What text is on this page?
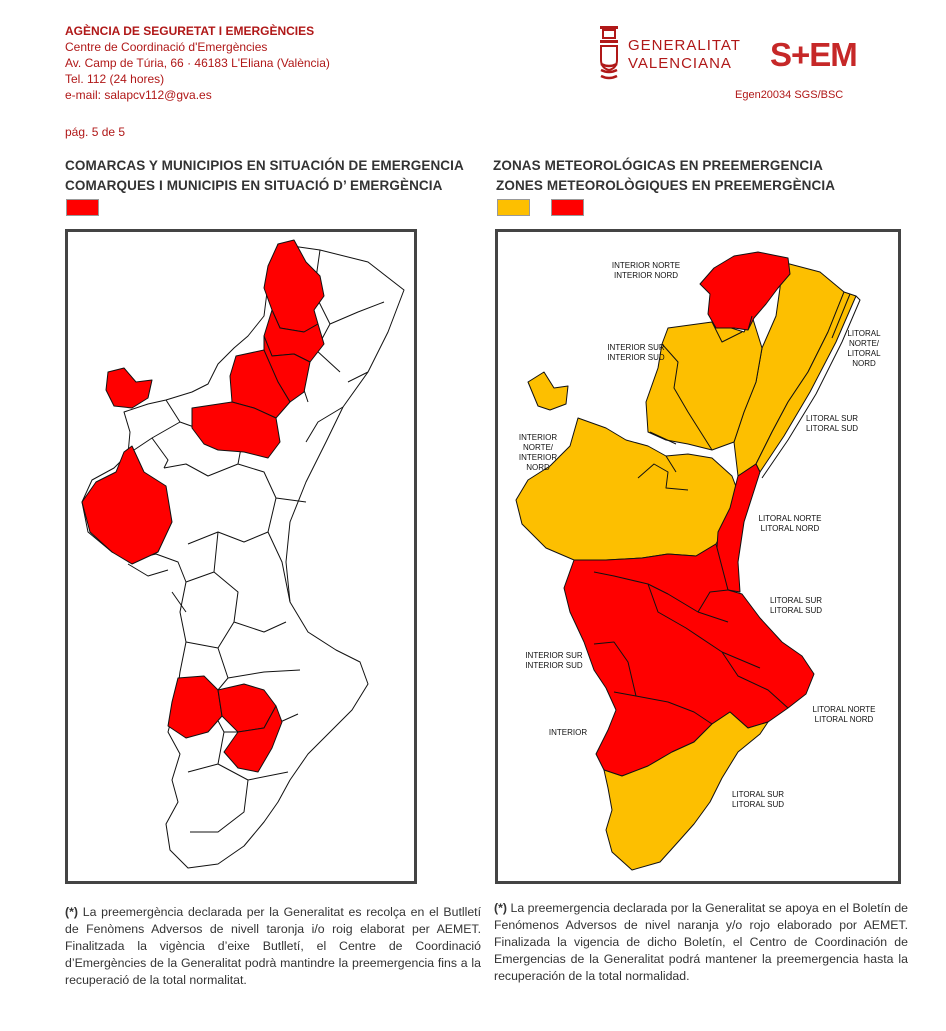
AGÈNCIA DE SEGURETAT I EMERGÈNCIES
Centre de Coordinació d'Emergències
Av. Camp de Túria, 66 · 46183 L'Eliana (València)
Tel. 112 (24 hores)
e-mail: salapcv112@gva.es
pág. 5 de 5
GENERALITAT
VALENCIANA S+EM
Egen20034 SGS/BSC
COMARCAS Y MUNICIPIOS EN SITUACIÓN DE EMERGENCIA
COMARQUES I MUNICIPIS EN SITUACIÓ D’ EMERGÈNCIA
ZONAS METEOROLÓGICAS EN PREEMERGENCIA
ZONES METEOROLÒGIQUES EN PREEMERGÈNCIA
INTERIOR NORTE
INTERIOR NORD
INTERIOR SUR
INTERIOR SUD
LITORAL
NORTE/
LITORAL
NORD
LITORAL SUR
LITORAL SUD
INTERIOR
NORTE/
INTERIOR
NORD
LITORAL NORTE
LITORAL NORD
LITORAL SUR
LITORAL SUD
INTERIOR SUR
INTERIOR SUD
LITORAL NORTE
LITORAL NORD
INTERIOR
LITORAL SUR
LITORAL SUD
(*) La preemergència declarada per la Generalitat es recolça en el Butlletí de Fenòmens Adversos de nivell taronja i/o roig elaborat per AEMET. Finalitzada la vigència d’eixe Butlletí, el Centre de Coordinació d’Emergències de la Generalitat podrà mantindre la preemergencia fins a la recuperació de la total normalitat.
(*) La preemergencia declarada por la Generalitat se apoya en el Boletín de Fenómenos Adversos de nivel naranja y/o rojo elaborado por AEMET. Finalizada la vigencia de dicho Boletín, el Centro de Coordinación de Emergencias de la Generalitat podrá mantener la preemergencia hasta la recuperación de la total normalidad.
